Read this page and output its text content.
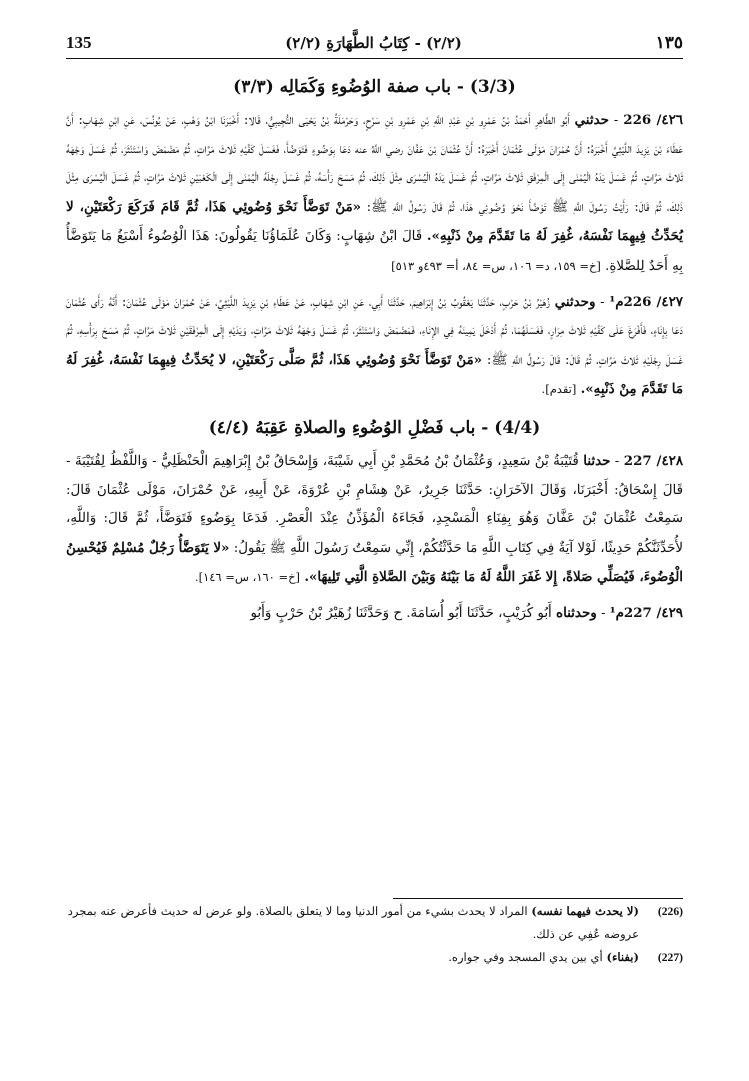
135	(٢/٢) - كِتَابُ الطَّهَارَةِ (٢/٢)	١٣٥
(3/3) - باب صفة الوُضُوءِ وَكَمَالِه (٣/٣)

٤٢٦/ 226 - حدثني أَبُو الطَّاهِرِ أَحْمَدُ بْنُ عَمْرِو بْنِ عَبْدِ اللَّهِ بْنِ عَمْرِو بْنِ سَرْحٍ، وَحَرْمَلَةُ بْنُ يَحْيَى التُّجِيبِيُّ، قَالا: أَخْبَرَنَا ابْنُ وَهْبٍ، عَنْ يُونُسَ، عَنِ ابْنِ شِهَابٍ: أَنَّ عَطَاءَ بْنَ يَزِيدَ اللَّيْثِيَّ أَخْبَرَهُ: أَنَّ حُمْرَانَ مَوْلَى عُثْمَانَ أَخْبَرَهُ: أَنَّ عُثْمَانَ بْنَ عَفَّانَ رضي اللَّهُ عنه دَعَا بِوَضُوءٍ فَتَوَضَّأَ، فَغَسَلَ كَفَّيْهِ ثَلاثَ مَرَّاتٍ، ثُمَّ مَضْمَضَ وَاسْتَنْثَرَ، ثُمَّ غَسَلَ وَجْهَهُ ثَلاثَ مَرَّاتٍ، ثُمَّ غَسَلَ يَدَهُ الْيُمْنَى إِلَى الْمِرْفَقِ ثَلاثَ مَرَّاتٍ، ثُمَّ غَسَلَ يَدَهُ الْيُسْرَى مِثْلَ ذَلِكَ، ثُمَّ مَسَحَ رَأْسَهُ، ثُمَّ غَسَلَ رِجْلَهُ الْيُمْنَى إِلَى الْكَعْبَيْنِ ثَلاثَ مَرَّاتٍ، ثُمَّ غَسَلَ الْيُسْرَى مِثْلَ ذَلِكَ، ثُمَّ قَالَ: رَأَيْتُ رَسُولَ اللَّهِ ﷺ تَوَضَّأَ نَحْوَ وُضُوئِي هَذَا، ثُمَّ قَالَ رَسُولُ اللَّهِ ﷺ: «مَنْ تَوَضَّأَ نَحْوَ وُضُوئِي هَذَا، ثُمَّ قَامَ فَرَكَعَ رَكْعَتَيْنِ، لا يُحَدِّثُ فِيهِمَا نَفْسَهُ، غُفِرَ لَهُ مَا تَقَدَّمَ مِنْ ذَنْبِهِ». قَالَ ابْنُ شِهَابٍ: وَكَانَ عُلَمَاؤُنَا يَقُولُونَ: هَذَا الْوُضُوءُ أَسْبَغُ مَا يَتَوَضَّأُ بِهِ أَحَدٌ لِلصَّلاةِ. [خ= ١٥٩، د= ١٠٦، س= ٨٤، أ= ٤٩٣و ٥١٣]

٤٢٧/ 226م¹ - وحدثني زُهَيْرُ بْنُ حَرْبٍ، حَدَّثَنَا يَعْقُوبُ بْنُ إِبْرَاهِيمَ، حَدَّثَنَا أَبِي، عَنِ ابْنِ شِهَابٍ، عَنْ عَطَاءِ بْنِ يَزِيدَ اللَّيْثِيِّ، عَنْ حُمْرَانَ مَوْلَى عُثْمَانَ: أَنَّهُ رَأَى عُثْمَانَ دَعَا بِإِنَاءٍ، فَأَفْرَغَ عَلَى كَفَّيْهِ ثَلاثَ مِرَارٍ، فَغَسَلَهُمَا، ثُمَّ أَدْخَلَ يَمِينَهُ فِي الإِنَاءِ، فَمَضْمَضَ وَاسْتَنْثَرَ، ثُمَّ غَسَلَ وَجْهَهُ ثَلاثَ مَرَّاتٍ، وَيَدَيْهِ إِلَى الْمِرْفَقَيْنِ ثَلاثَ مَرَّاتٍ، ثُمَّ مَسَحَ بِرَأْسِهِ، ثُمَّ غَسَلَ رِجْلَيْهِ ثَلاثَ مَرَّاتٍ، ثُمَّ قَالَ: قَالَ رَسُولُ اللَّهِ ﷺ: «مَنْ تَوَضَّأَ نَحْوَ وُضُوئِي هَذَا، ثُمَّ صَلَّى رَكْعَتَيْنِ، لا يُحَدِّثُ فِيهِمَا نَفْسَهُ، غُفِرَ لَهُ مَا تَقَدَّمَ مِنْ ذَنْبِهِ». [تقدم].

(4/4) - باب فَضْلِ الوُضُوءِ والصلاةِ عَقِبَهُ (٤/٤)

٤٢٨/ 227 - حدثنا قُتَيْبَةُ بْنُ سَعِيدٍ، وَعُثْمَانُ بْنُ مُحَمَّدِ بْنِ أَبِي شَيْبَةَ، وَإِسْحَاقُ بْنُ إِبْرَاهِيمَ الْحَنْظَلِيُّ - وَاللَّفْظُ لِقُتَيْبَةَ - قَالَ إِسْحَاقُ: أَخْبَرَنَا، وَقَالَ الآخَرَانِ: حَدَّثَنَا جَرِيرٌ، عَنْ هِشَامِ بْنِ عُرْوَةَ، عَنْ أَبِيهِ، عَنْ حُمْرَانَ، مَوْلَى عُثْمَانَ قَالَ: سَمِعْتُ عُثْمَانَ بْنَ عَفَّانَ وَهُوَ بِفِنَاءِ الْمَسْجِدِ، فَجَاءَهُ الْمُؤَذِّنُ عِنْدَ الْعَصْرِ. فَدَعَا بِوَضُوءٍ فَتَوَضَّأَ، ثُمَّ قَالَ: وَاللَّهِ، لأُحَدِّثَنَّكُمْ حَدِيثًا، لَوْلا آيَةٌ فِي كِتَابِ اللَّهِ مَا حَدَّثْتُكُمْ، إِنِّي سَمِعْتُ رَسُولَ اللَّهِ ﷺ يَقُولُ: «لا يَتَوَضَّأُ رَجُلٌ مُسْلِمٌ فَيُحْسِنُ الْوُضُوءَ، فَيُصَلِّي صَلاةً، إِلا غَفَرَ اللَّهُ لَهُ مَا بَيْنَهُ وَبَيْنَ الصَّلاةِ الَّتِي تَلِيهَا». [خ= ١٦٠، س= ١٤٦].

٤٢٩/ 227م¹ - وحدثناه أَبُو كُرَيْبٍ، حَدَّثَنَا أَبُو أُسَامَةَ. ح وَحَدَّثَنَا زُهَيْرُ بْنُ حَرْبٍ وَأَبُو

(226)
(لا يحدث فيهما نفسه) المراد لا يحدث بشيء من أمور الدنيا وما لا يتعلق بالصلاة. ولو عرض له حديث فأعرض عنه بمجرد عروضه عُفِي عن ذلك.
(227)
(بفناء) أي بين يدي المسجد وفي جواره.
